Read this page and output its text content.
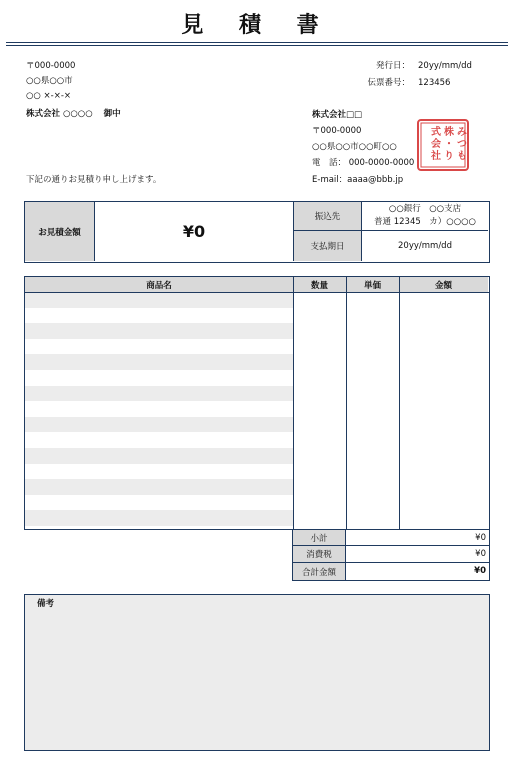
見 積 書
〒000-0000
○○県○○市
○○ ×-×-×
株式会社 ○○○○ 御中
発行日： 20yy/mm/dd
伝票番号： 123456
株式会社□□
〒000-0000
○○県○○市○○町○○
電　話： 000-0000-0000
E-mail：aaaa@bbb.jp
み
つ
も
株
・
り
式
会
社
下記の通りお見積り申し上げます。
お見積金額	¥0
振込先
○○銀行　○○支店
普通 12345　カ）○○○○
支払期日	20yy/mm/dd
商品名	数量	単価	金額
小計	¥0
消費税	¥0
合計金額	¥0
備考
